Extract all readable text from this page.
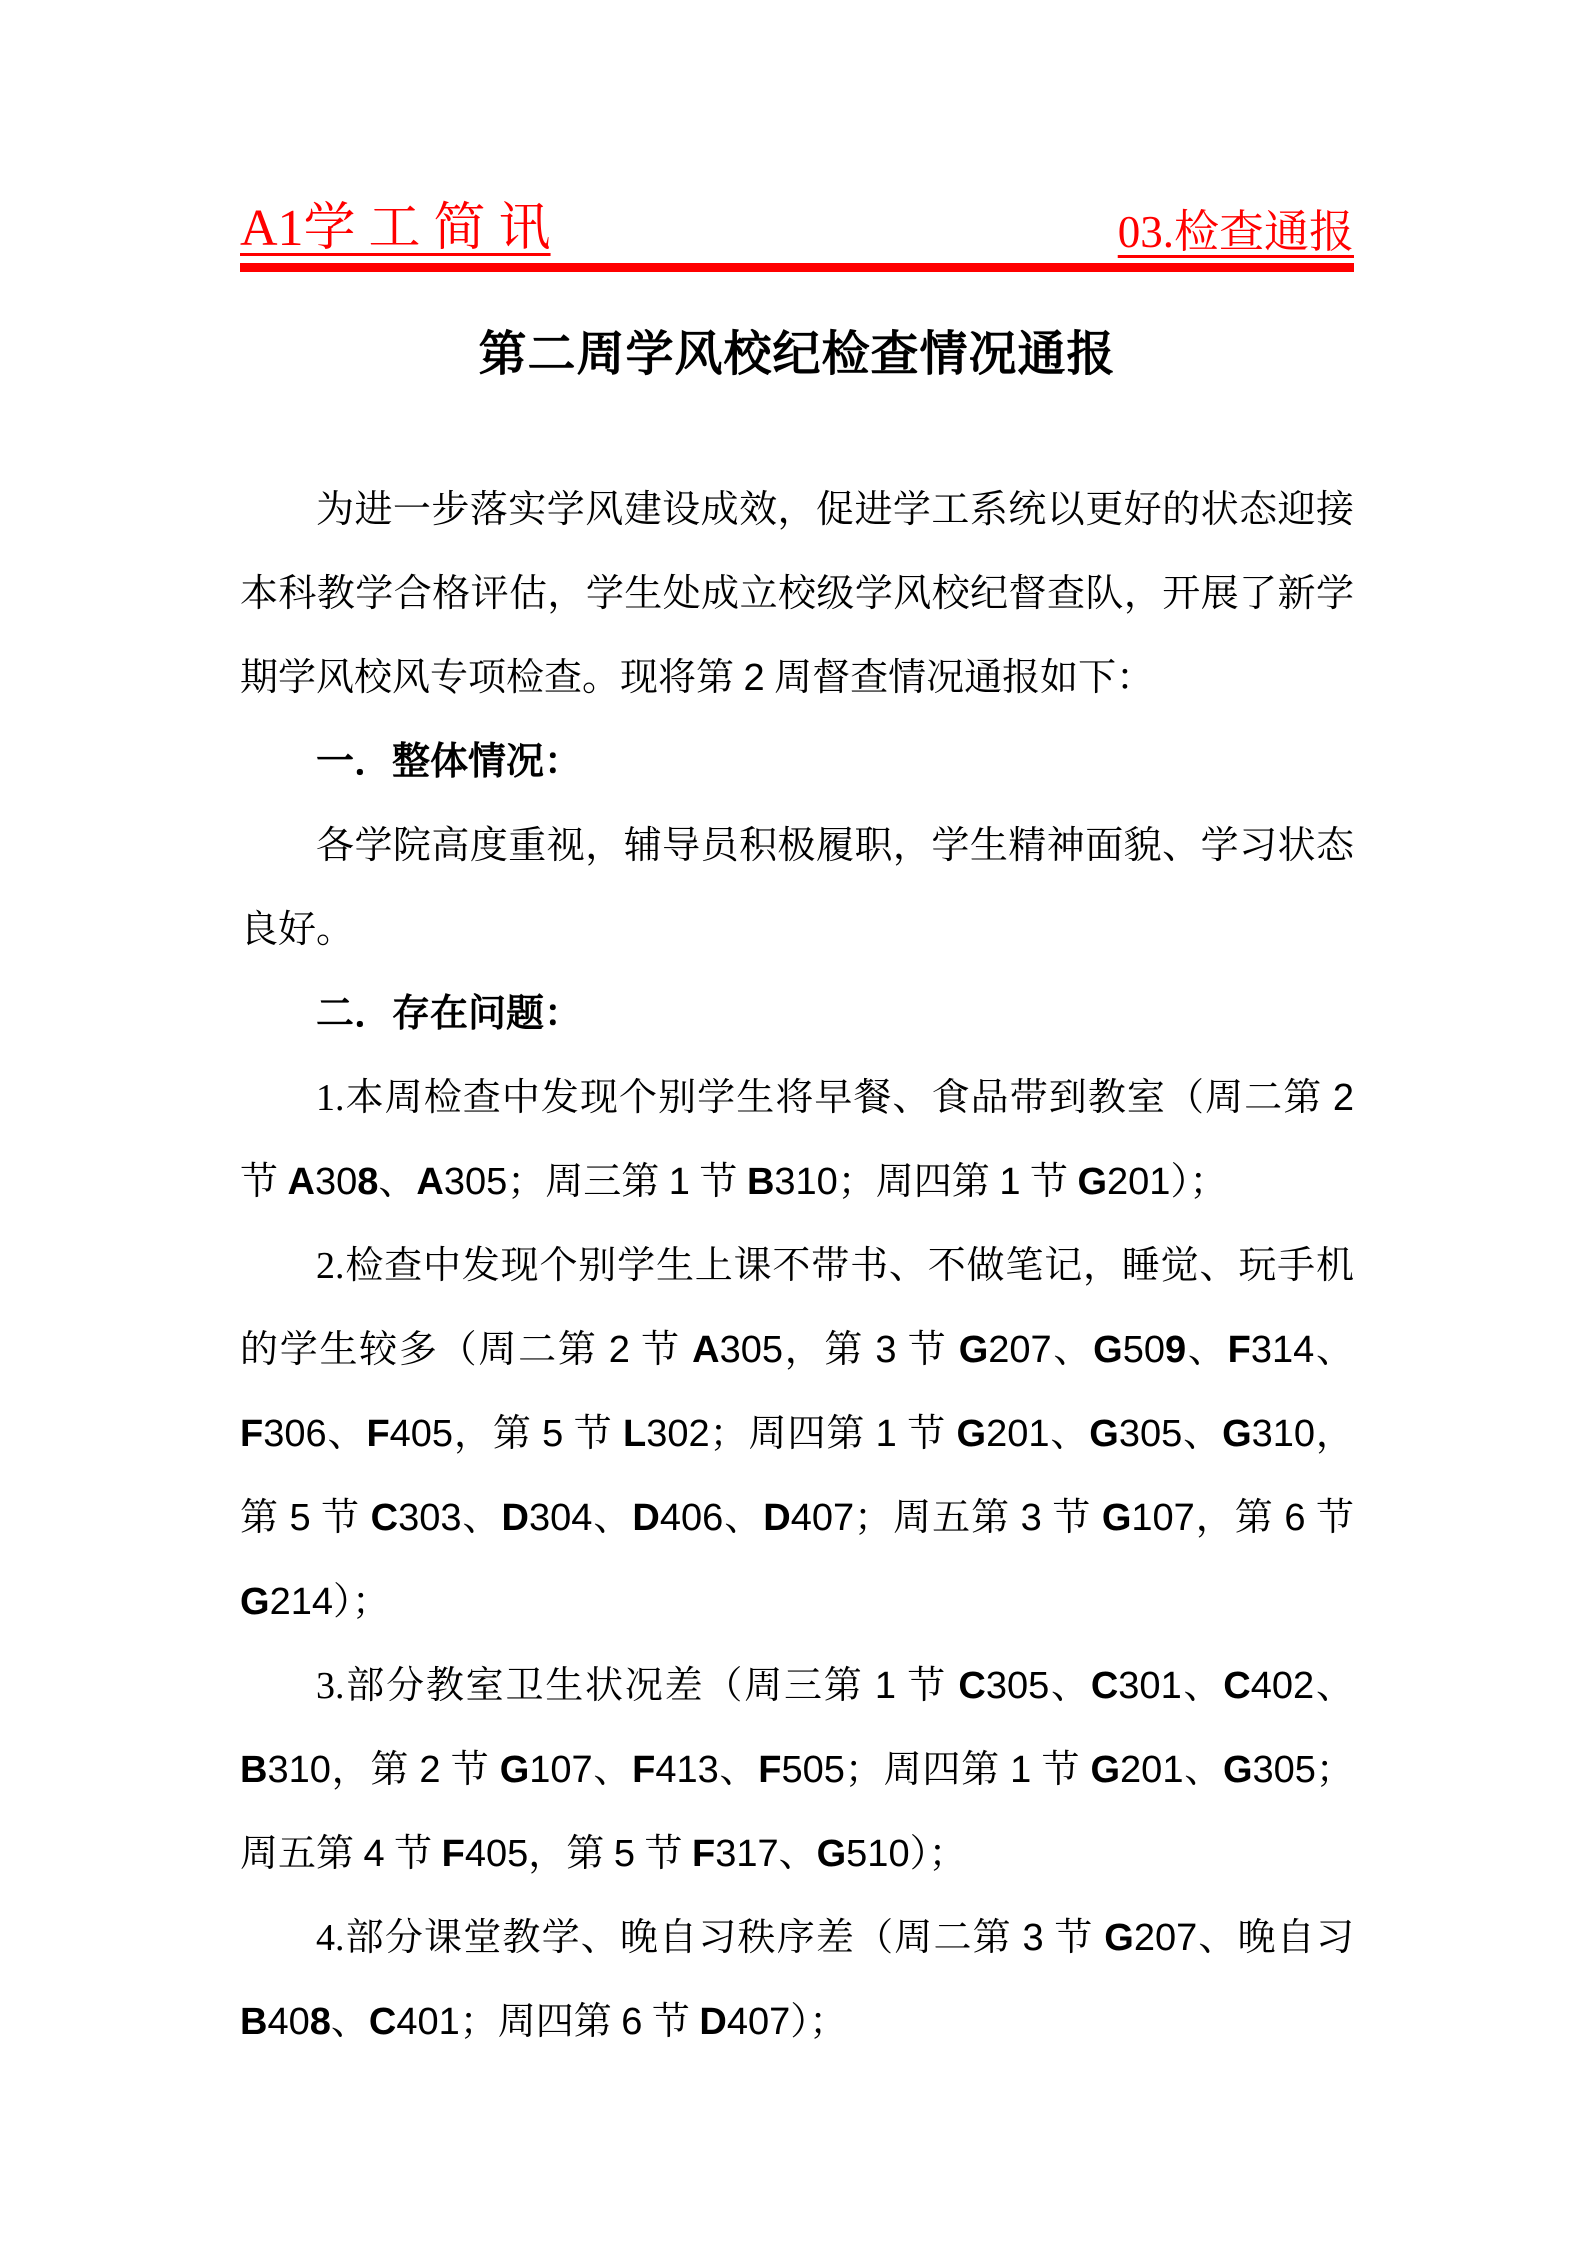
A1学 工 简 讯	03.检查通报
第二周学风校纪检查情况通报

为进一步落实学风建设成效，促进学工系统以更好的状态迎接本科教学合格评估，学生处成立校级学风校纪督查队，开展了新学期学风校风专项检查。现将第 2 周督查情况通报如下：

一．整体情况：

各学院高度重视，辅导员积极履职，学生精神面貌、学习状态良好。

二．存在问题：

1.本周检查中发现个别学生将早餐、食品带到教室（周二第 2 节 A308、A305；周三第 1 节 B310；周四第 1 节 G201）；

2.检查中发现个别学生上课不带书、不做笔记，睡觉、玩手机的学生较多（周二第 2 节 A305，第 3 节 G207、G509、F314、F306、F405，第 5 节 L302；周四第 1 节 G201、G305、G310，第 5 节 C303、D304、D406、D407；周五第 3 节 G107，第 6 节 G214）；

3.部分教室卫生状况差（周三第 1 节 C305、C301、C402、B310，第 2 节 G107、F413、F505；周四第 1 节 G201、G305；周五第 4 节 F405，第 5 节 F317、G510）；

4.部分课堂教学、晚自习秩序差（周二第 3 节 G207、晚自习 B408、C401；周四第 6 节 D407）；
